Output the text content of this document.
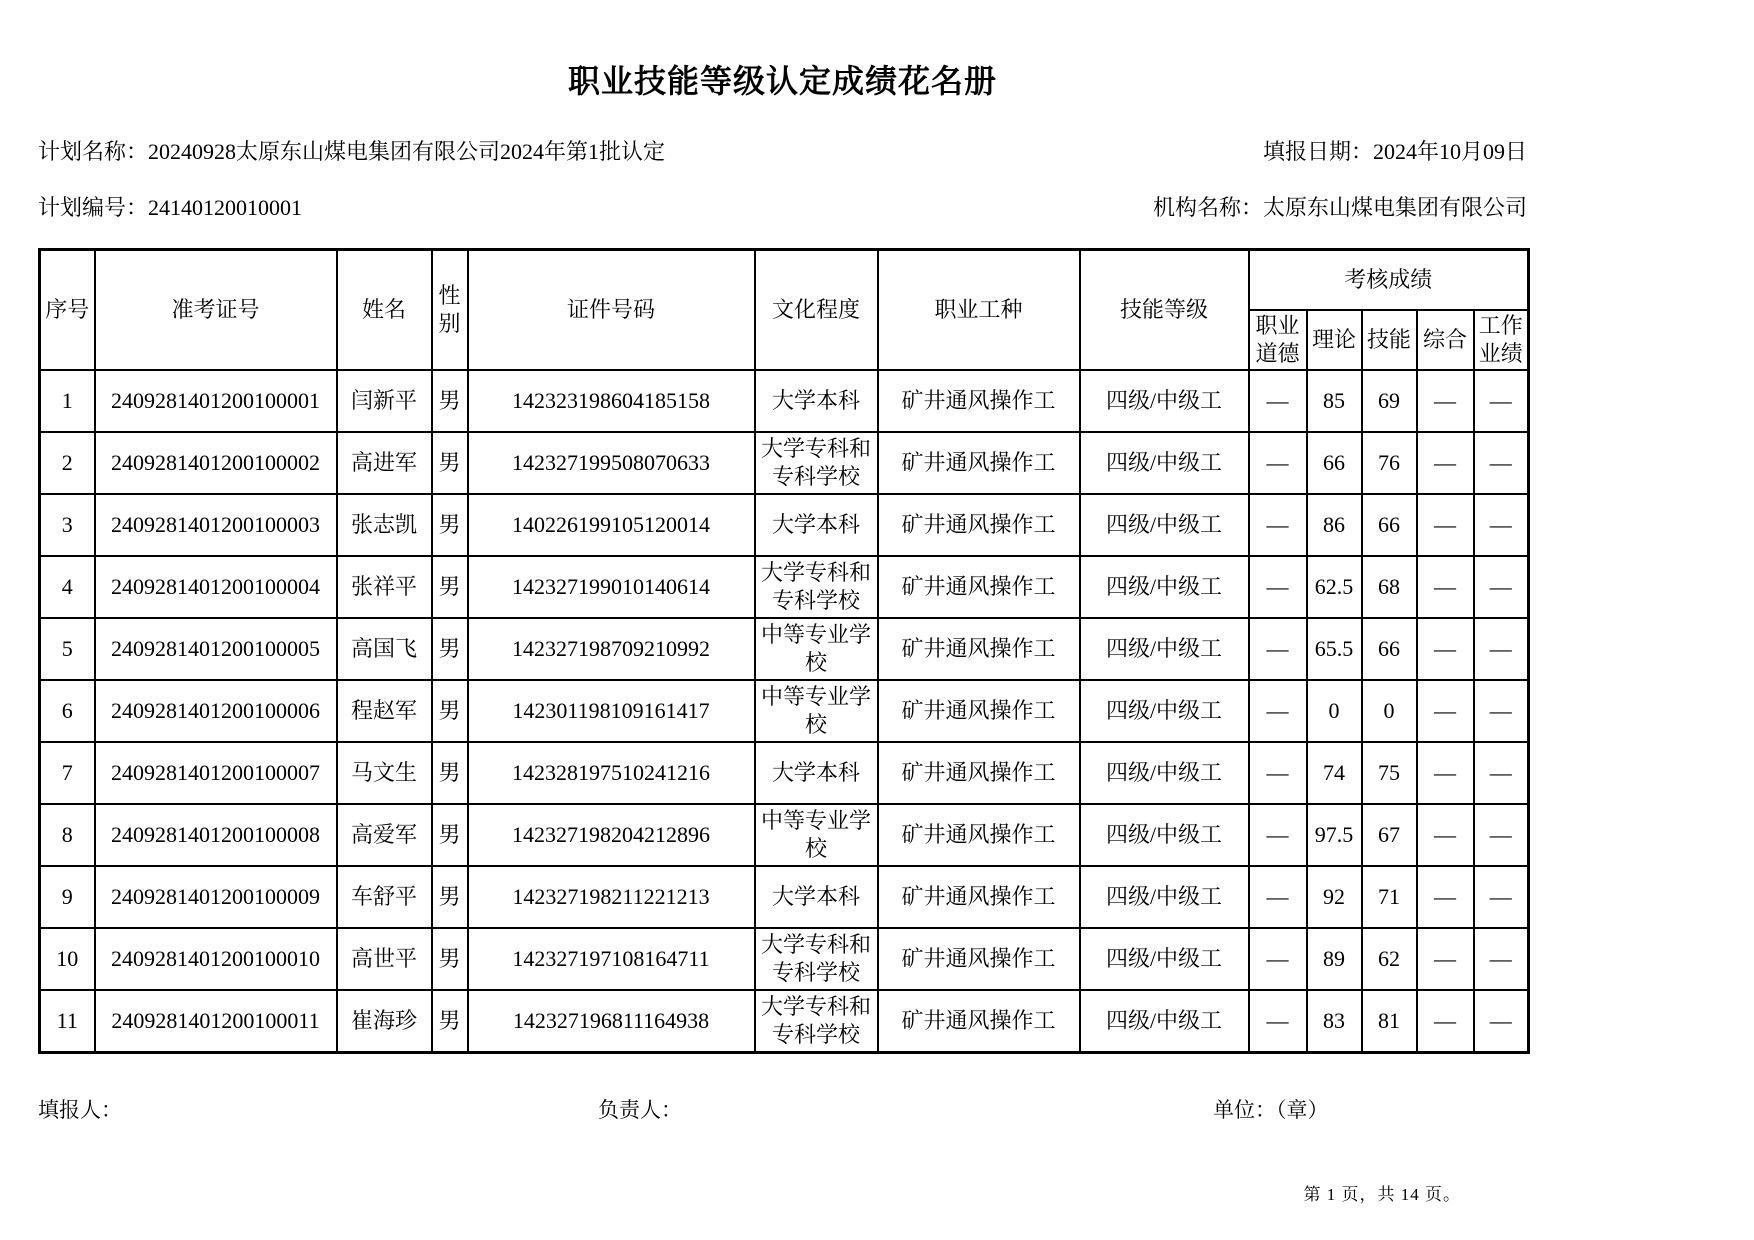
职业技能等级认定成绩花名册
计划名称：20240928太原东山煤电集团有限公司2024年第1批认定	填报日期：2024年10月09日
计划编号：24140120010001	机构名称：太原东山煤电集团有限公司
序号	准考证号	姓名	性别	证件号码	文化程度	职业工种	技能等级	考核成绩				
								职业道德	理论	技能	综合	工作业绩
1	2409281401200100001	闫新平	男	142323198604185158	大学本科	矿井通风操作工	四级/中级工	—	85	69	—	—
2	2409281401200100002	高进军	男	142327199508070633	大学专科和专科学校	矿井通风操作工	四级/中级工	—	66	76	—	—
3	2409281401200100003	张志凯	男	140226199105120014	大学本科	矿井通风操作工	四级/中级工	—	86	66	—	—
4	2409281401200100004	张祥平	男	142327199010140614	大学专科和专科学校	矿井通风操作工	四级/中级工	—	62.5	68	—	—
5	2409281401200100005	高国飞	男	142327198709210992	中等专业学校	矿井通风操作工	四级/中级工	—	65.5	66	—	—
6	2409281401200100006	程赵军	男	142301198109161417	中等专业学校	矿井通风操作工	四级/中级工	—	0	0	—	—
7	2409281401200100007	马文生	男	142328197510241216	大学本科	矿井通风操作工	四级/中级工	—	74	75	—	—
8	2409281401200100008	高爱军	男	142327198204212896	中等专业学校	矿井通风操作工	四级/中级工	—	97.5	67	—	—
9	2409281401200100009	车舒平	男	142327198211221213	大学本科	矿井通风操作工	四级/中级工	—	92	71	—	—
10	2409281401200100010	高世平	男	142327197108164711	大学专科和专科学校	矿井通风操作工	四级/中级工	—	89	62	—	—
11	2409281401200100011	崔海珍	男	142327196811164938	大学专科和专科学校	矿井通风操作工	四级/中级工	—	83	81	—	—
填报人：	负责人：	单位：（章）
第 1 页，共 14 页。
